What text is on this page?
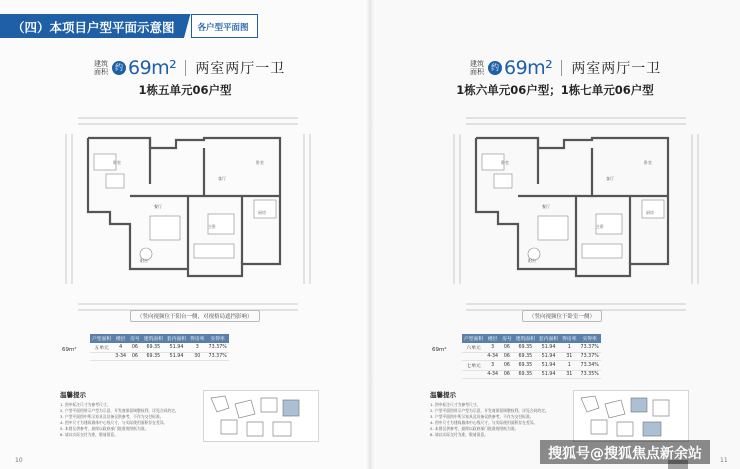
（四）本项目户型平面示意图	各户型平面图
建筑面积 约 69m² 两室两厅一卫
1栋五单元06户型
卧室	卧室
客厅
餐厅
主卧
厨房
阳台
（竖向视频位于阳台一侧，对视格局遮挡影响）
69m²
户型面积	楼层	房号	建筑面积	套内面积	得房率	实得率
五单元	4	06	69.35	51.94	3	73.37%
	3-34	06	69.35	51.94	30	73.37%
温馨提示
1. 图中标注尺寸为参考尺寸。
2. 户型平面图所示户型为示意，开发商保留调整权利，详见合同约定。
3. 户型平面图中所示家具及设备仅供参考，不作为交付标准。
4. 图中尺寸为建筑墙体中心线尺寸，与实际使用面积存在差异。
5. 本图仅供参考，最终以政府部门批准的图纸为准。
6. 请以实际交付为准，敬请留意。
10
建筑面积 约 69m² 两室两厅一卫
1栋六单元06户型；1栋七单元06户型
卧室	卧室
客厅
餐厅
主卧
厨房
阳台
（竖向视频位于卧室一侧）
69m²
户型面积	楼层	房号	建筑面积	套内面积	得房率	实得率
六单元	3	06	69.35	51.94	1	73.37%
	4-34	06	69.35	51.94	31	73.37%
七单元	3	06	69.35	51.94	1	73.34%
	4-34	06	69.35	51.94	31	73.35%
温馨提示
1. 图中标注尺寸为参考尺寸。
2. 户型平面图所示户型为示意，开发商保留调整权利，详见合同约定。
3. 户型平面图中所示家具及设备仅供参考，不作为交付标准。
4. 图中尺寸为建筑墙体中心线尺寸，与实际使用面积存在差异。
5. 本图仅供参考，最终以政府部门批准的图纸为准。
6. 请以实际交付为准，敬请留意。
11
搜狐号@搜狐焦点新余站
